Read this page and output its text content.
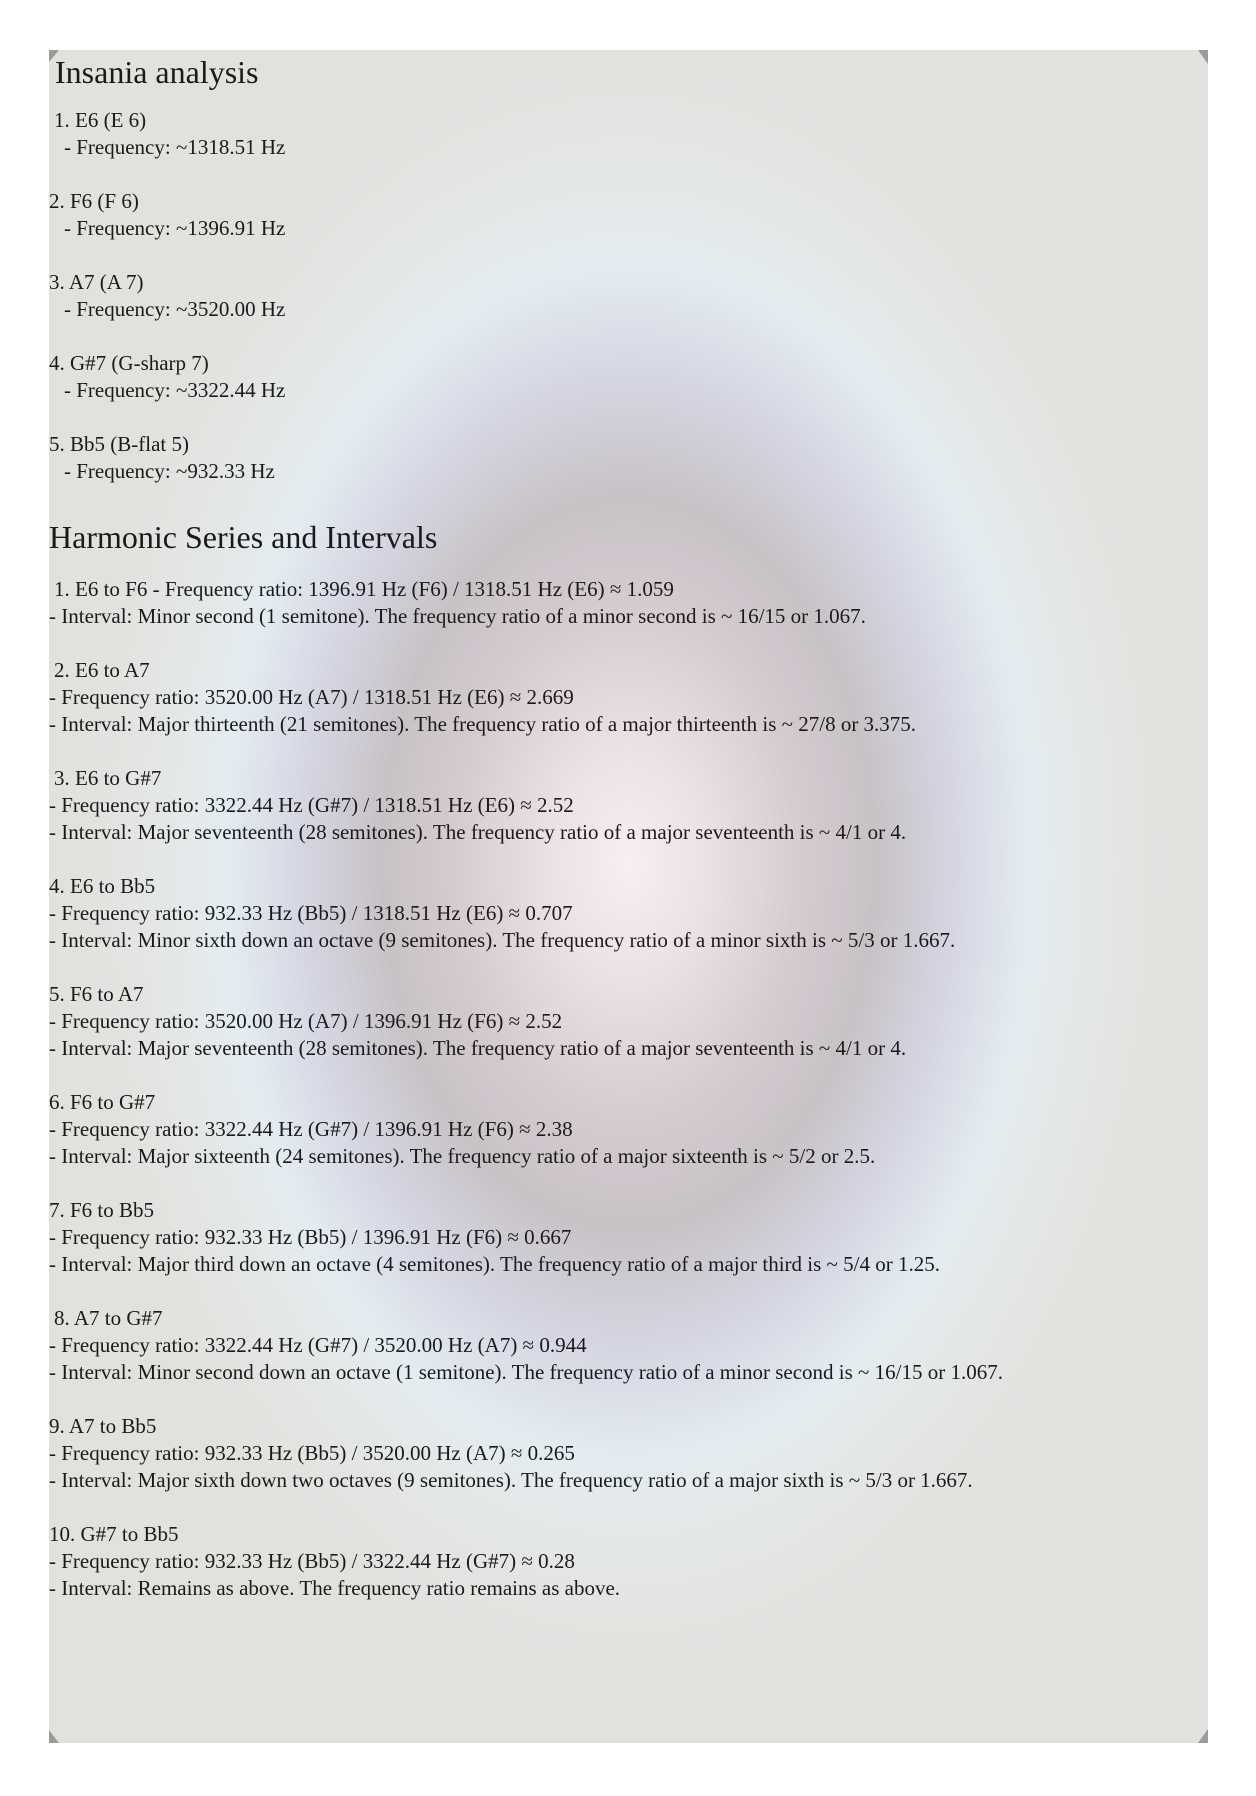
Insania analysis
1. E6 (E 6)
- Frequency: ~1318.51 Hz
2. F6 (F 6)
- Frequency: ~1396.91 Hz
3. A7 (A 7)
- Frequency: ~3520.00 Hz
4. G#7 (G-sharp 7)
- Frequency: ~3322.44 Hz
5. Bb5 (B-flat 5)
- Frequency: ~932.33 Hz
Harmonic Series and Intervals
1. E6 to F6 - Frequency ratio: 1396.91 Hz (F6) / 1318.51 Hz (E6) ≈ 1.059
- Interval: Minor second (1 semitone). The frequency ratio of a minor second is ~ 16/15 or 1.067.
2. E6 to A7
- Frequency ratio: 3520.00 Hz (A7) / 1318.51 Hz (E6) ≈ 2.669
- Interval: Major thirteenth (21 semitones). The frequency ratio of a major thirteenth is ~ 27/8 or 3.375.
3. E6 to G#7
- Frequency ratio: 3322.44 Hz (G#7) / 1318.51 Hz (E6) ≈ 2.52
- Interval: Major seventeenth (28 semitones). The frequency ratio of a major seventeenth is ~ 4/1 or 4.
4. E6 to Bb5
- Frequency ratio: 932.33 Hz (Bb5) / 1318.51 Hz (E6) ≈ 0.707
- Interval: Minor sixth down an octave (9 semitones). The frequency ratio of a minor sixth is ~ 5/3 or 1.667.
5. F6 to A7
- Frequency ratio: 3520.00 Hz (A7) / 1396.91 Hz (F6) ≈ 2.52
- Interval: Major seventeenth (28 semitones). The frequency ratio of a major seventeenth is ~ 4/1 or 4.
6. F6 to G#7
- Frequency ratio: 3322.44 Hz (G#7) / 1396.91 Hz (F6) ≈ 2.38
- Interval: Major sixteenth (24 semitones). The frequency ratio of a major sixteenth is ~ 5/2 or 2.5.
7. F6 to Bb5
- Frequency ratio: 932.33 Hz (Bb5) / 1396.91 Hz (F6) ≈ 0.667
- Interval: Major third down an octave (4 semitones). The frequency ratio of a major third is ~ 5/4 or 1.25.
8. A7 to G#7
- Frequency ratio: 3322.44 Hz (G#7) / 3520.00 Hz (A7) ≈ 0.944
- Interval: Minor second down an octave (1 semitone). The frequency ratio of a minor second is ~ 16/15 or 1.067.
9. A7 to Bb5
- Frequency ratio: 932.33 Hz (Bb5) / 3520.00 Hz (A7) ≈ 0.265
- Interval: Major sixth down two octaves (9 semitones). The frequency ratio of a major sixth is ~ 5/3 or 1.667.
10. G#7 to Bb5
- Frequency ratio: 932.33 Hz (Bb5) / 3322.44 Hz (G#7) ≈ 0.28
- Interval: Remains as above. The frequency ratio remains as above.
